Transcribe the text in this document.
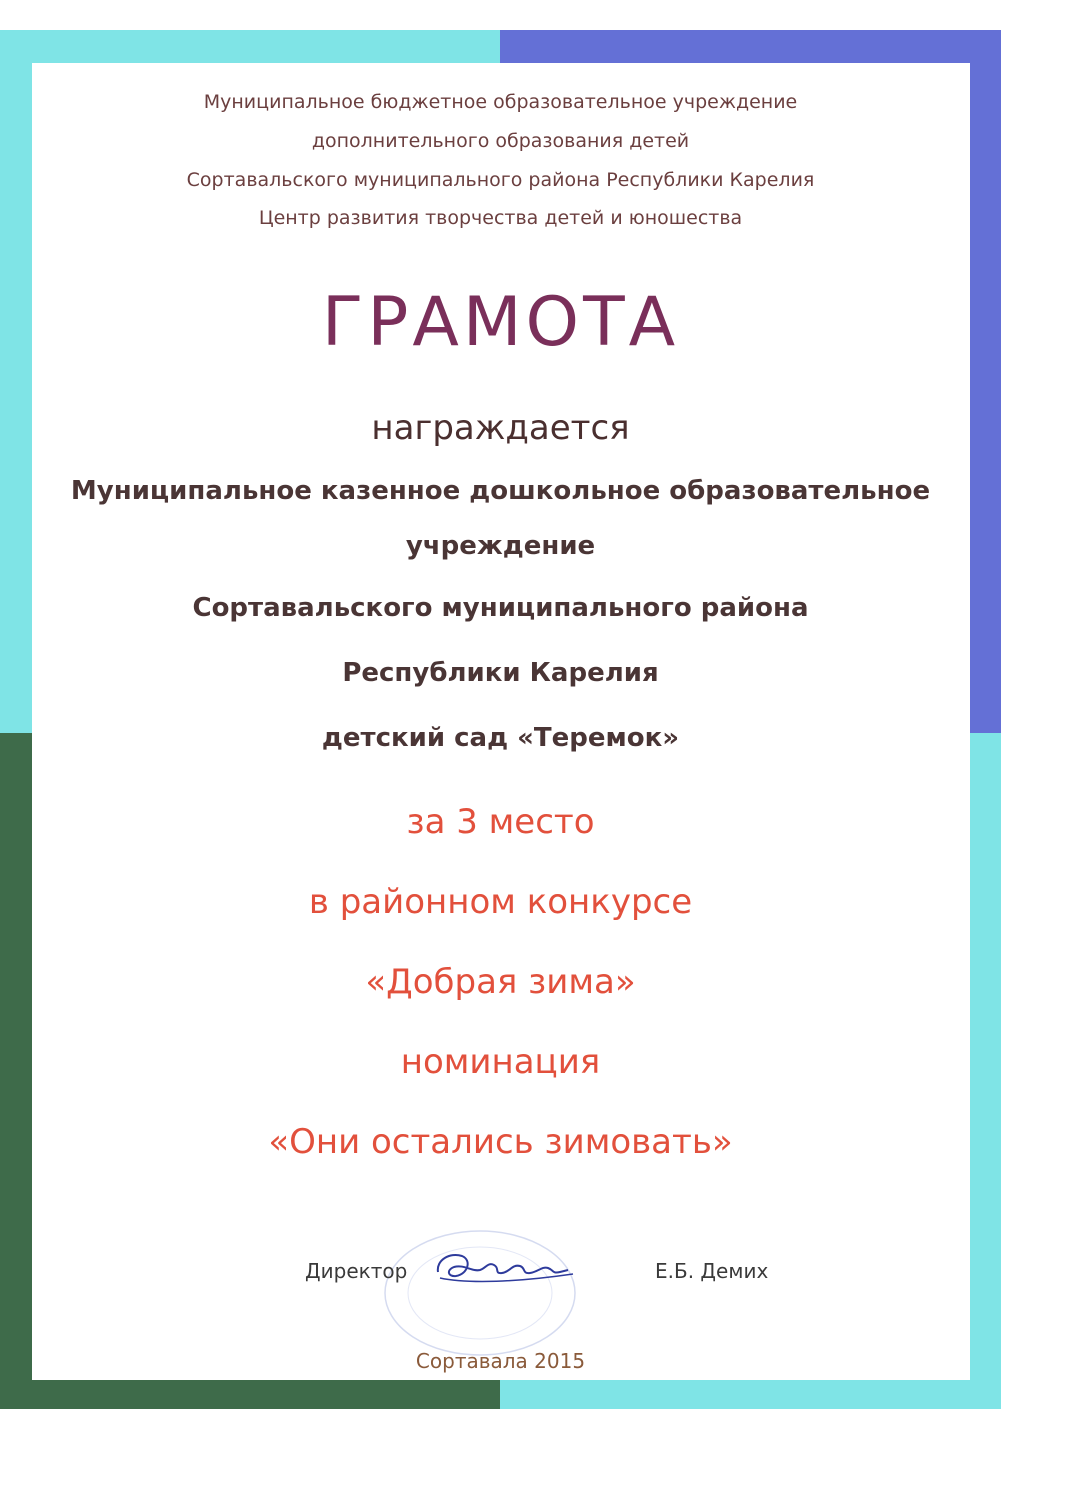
Муниципальное бюджетное образовательное учреждение
дополнительного образования детей
Сортавальского муниципального района Республики Карелия
Центр развития творчества детей и юношества
ГРАМОТА
награждается
Муниципальное казенное дошкольное образовательное
учреждение
Сортавальского муниципального района
Республики Карелия
детский сад «Теремок»
за 3 место
в районном конкурсе
«Добрая зима»
номинация
«Они остались зимовать»
Директор	Е.Б. Демих
Сортавала 2015
